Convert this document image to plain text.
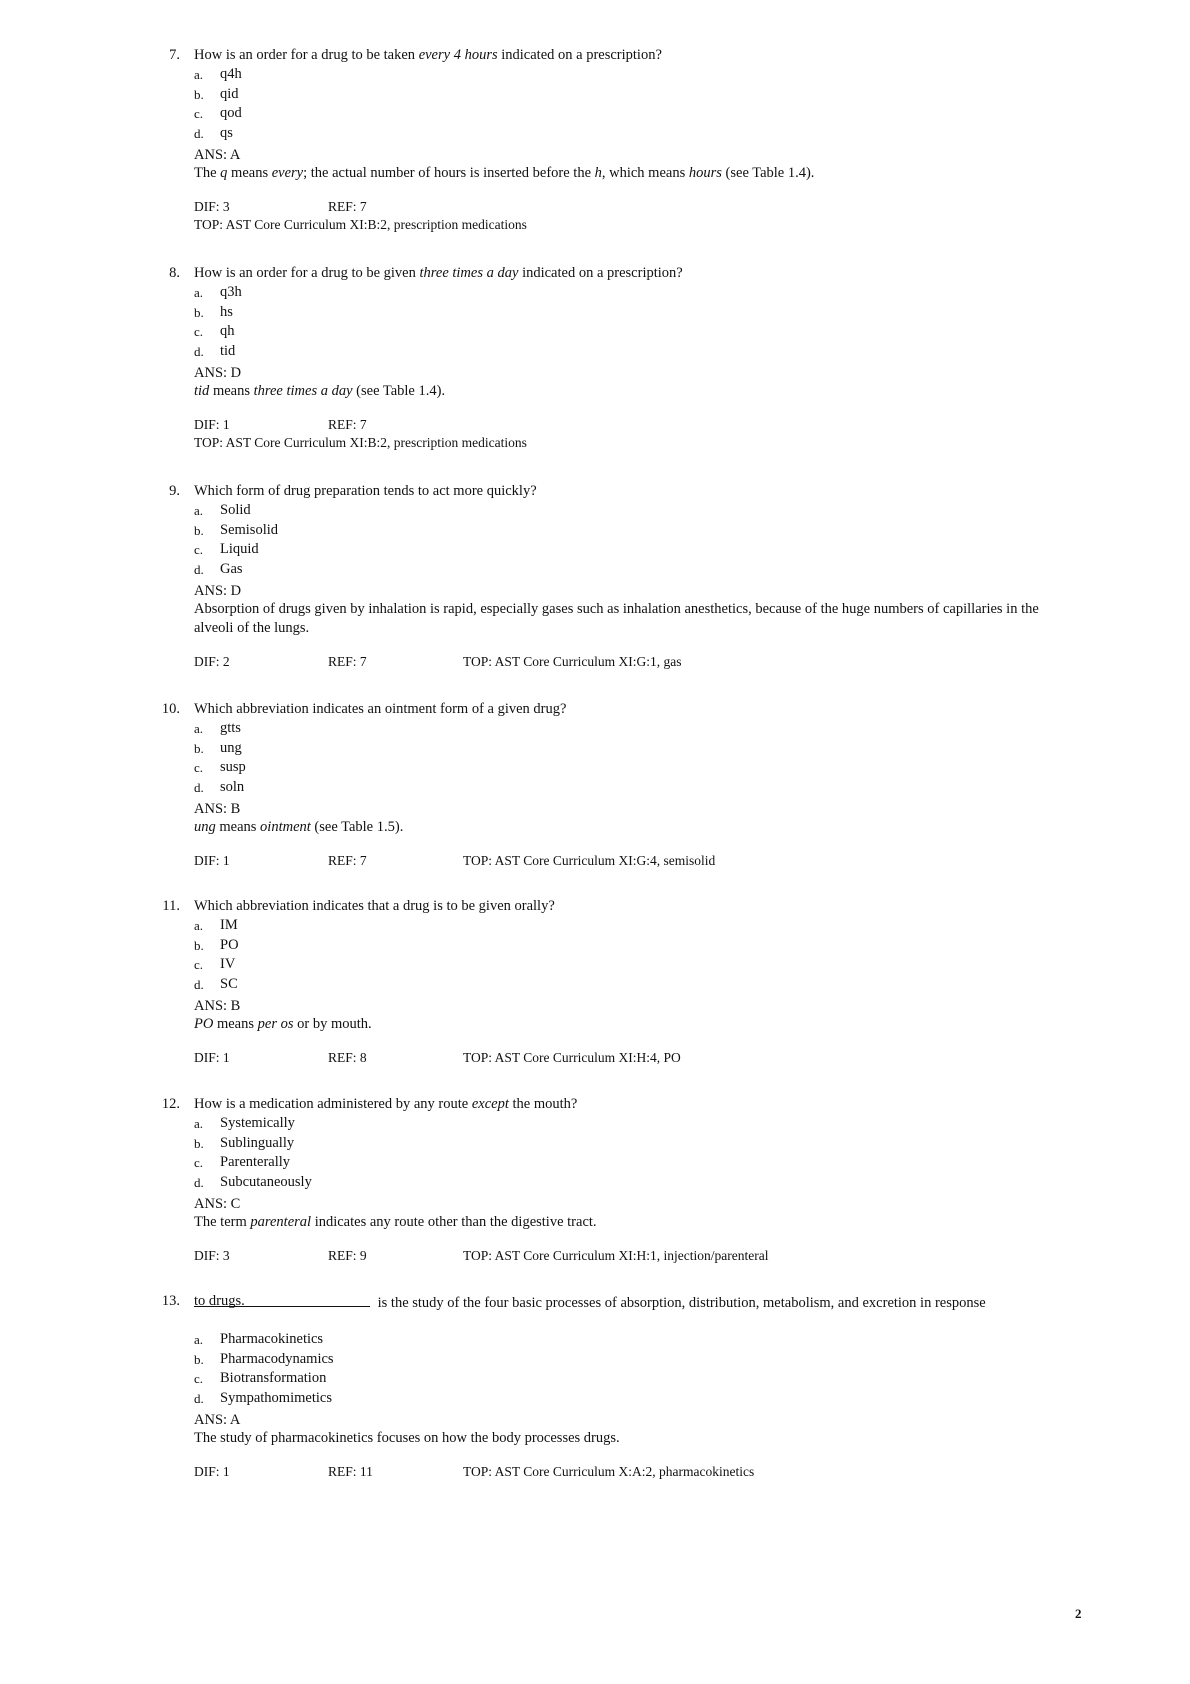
7. How is an order for a drug to be taken every 4 hours indicated on a prescription?
a.	q4h
b.	qid
c.	qod
d.	qs
ANS: A
The q means every; the actual number of hours is inserted before the h, which means hours (see Table 1.4).
DIF: 3	REF: 7
TOP: AST Core Curriculum XI:B:2, prescription medications
8. How is an order for a drug to be given three times a day indicated on a prescription?
a.	q3h
b.	hs
c.	qh
d.	tid
ANS: D
tid means three times a day (see Table 1.4).
DIF: 1	REF: 7
TOP: AST Core Curriculum XI:B:2, prescription medications
9. Which form of drug preparation tends to act more quickly?
a.	Solid
b.	Semisolid
c.	Liquid
d.	Gas
ANS: D
Absorption of drugs given by inhalation is rapid, especially gases such as inhalation anesthetics, because of the huge numbers of capillaries in the alveoli of the lungs.
DIF: 2	REF: 7	TOP: AST Core Curriculum XI:G:1, gas
10. Which abbreviation indicates an ointment form of a given drug?
a.	gtts
b.	ung
c.	susp
d.	soln
ANS: B
ung means ointment (see Table 1.5).
DIF: 1	REF: 7	TOP: AST Core Curriculum XI:G:4, semisolid
11. Which abbreviation indicates that a drug is to be given orally?
a.	IM
b.	PO
c.	IV
d.	SC
ANS: B
PO means per os or by mouth.
DIF: 1	REF: 8	TOP: AST Core Curriculum XI:H:4, PO
12. How is a medication administered by any route except the mouth?
a.	Systemically
b.	Sublingually
c.	Parenterally
d.	Subcutaneously
ANS: C
The term parenteral indicates any route other than the digestive tract.
DIF: 3	REF: 9	TOP: AST Core Curriculum XI:H:1, injection/parenteral
13.	is the study of the four basic processes of absorption, distribution, metabolism, and excretion in response
to drugs.
a.	Pharmacokinetics
b.	Pharmacodynamics
c.	Biotransformation
d.	Sympathomimetics
ANS: A
The study of pharmacokinetics focuses on how the body processes drugs.
DIF: 1	REF: 11	TOP: AST Core Curriculum X:A:2, pharmacokinetics
2
